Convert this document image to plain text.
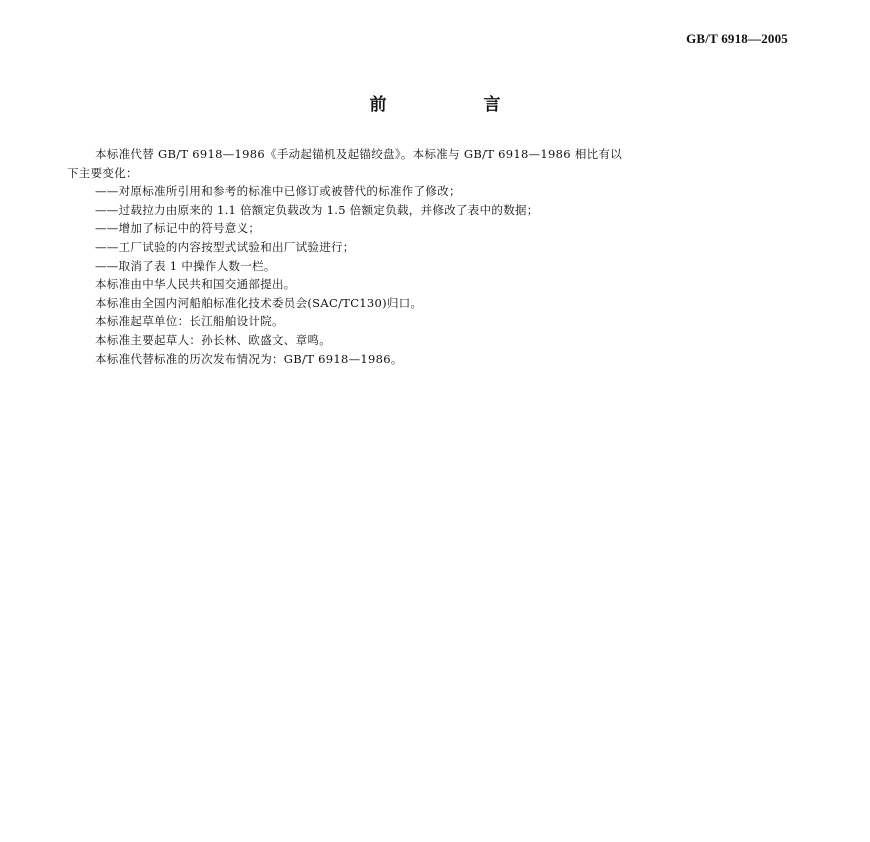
GB/T 6918—2005
前　言
本标准代替 GB/T 6918—1986《手动起锚机及起锚绞盘》。本标准与 GB/T 6918—1986 相比有以
下主要变化：
——对原标准所引用和参考的标准中已修订或被替代的标准作了修改；
——过载拉力由原来的 1.1 倍额定负载改为 1.5 倍额定负载，并修改了表中的数据；
——增加了标记中的符号意义；
——工厂试验的内容按型式试验和出厂试验进行；
——取消了表 1 中操作人数一栏。
本标准由中华人民共和国交通部提出。
本标准由全国内河船舶标准化技术委员会(SAC/TC130)归口。
本标准起草单位：长江船舶设计院。
本标准主要起草人：孙长林、欧盛文、章鸣。
本标准代替标准的历次发布情况为：GB/T 6918—1986。
